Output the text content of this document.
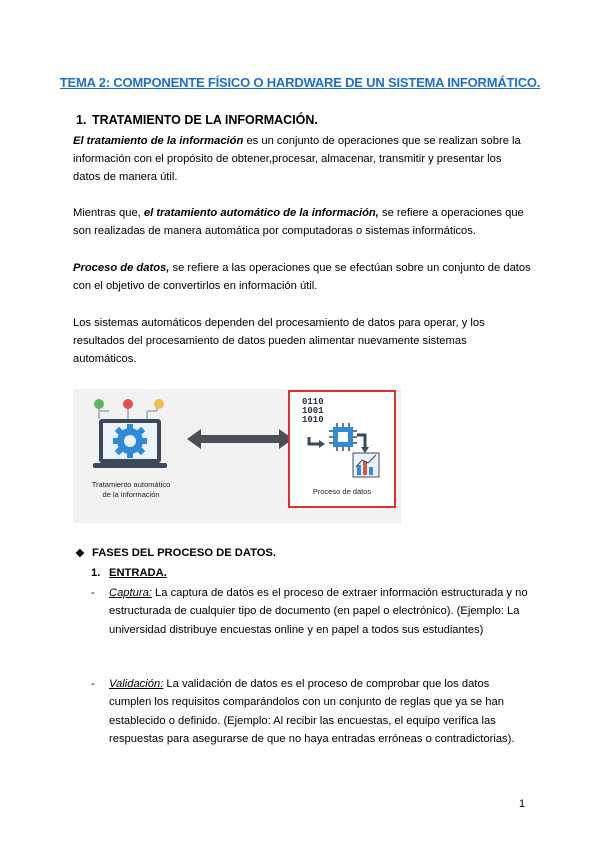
TEMA 2: COMPONENTE FÍSICO O HARDWARE DE UN SISTEMA INFORMÁTICO.
1. TRATAMIENTO DE LA INFORMACIÓN.

El tratamiento de la información es un conjunto de operaciones que se realizan sobre la información con el propósito de obtener,procesar, almacenar, transmitir y presentar los datos de manera útil.

Mientras que, el tratamiento automático de la información, se refiere a operaciones que son realizadas de manera automática por computadoras o sistemas informáticos.

Proceso de datos, se refiere a las operaciones que se efectúan sobre un conjunto de datos con el objetivo de convertirlos en información útil.

Los sistemas automáticos dependen del procesamiento de datos para operar, y los resultados del procesamiento de datos pueden alimentar nuevamente sistemas automáticos.

0110
1001
1010
Tratamiento automático
de la información	Proceso de datos
❖ FASES DEL PROCESO DE DATOS.
1. ENTRADA.
- Captura: La captura de datos es el proceso de extraer información estructurada y no estructurada de cualquier tipo de documento (en papel o electrónico). (Ejemplo: La universidad distribuye encuestas online y en papel a todos sus estudiantes)
- Validación: La validación de datos es el proceso de comprobar que los datos cumplen los requisitos comparándolos con un conjunto de reglas que ya se han establecido o definido. (Ejemplo: Al recibir las encuestas, el equipo verifica las respuestas para asegurarse de que no haya entradas erróneas o contradictorias).
1
